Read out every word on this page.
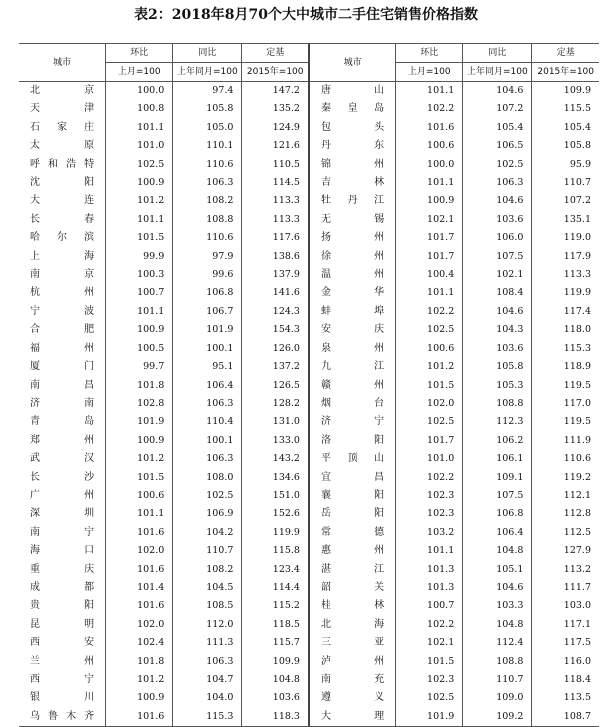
表2：2018年8月70个大中城市二手住宅销售价格指数
城市	环比	同比	定基	城市	环比	同比	定基
	上月=100	上年同月=100	2015年=100		上月=100	上年同月=100	2015年=100
北　京	100.0	97.4	147.2	唐　山	101.1	104.6	109.9
天　津	100.8	105.8	135.2	秦皇岛	102.2	107.2	115.5
石家庄	101.1	105.0	124.9	包　头	101.6	105.4	105.4
太　原	101.0	110.1	121.6	丹　东	100.6	106.5	105.8
呼和浩特	102.5	110.6	110.5	锦　州	100.0	102.5	95.9
沈　阳	100.9	106.3	114.5	吉　林	101.1	106.3	110.7
大　连	101.2	108.2	113.3	牡丹江	100.9	104.6	107.2
长　春	101.1	108.8	113.3	无　锡	102.1	103.6	135.1
哈尔滨	101.5	110.6	117.6	扬　州	101.7	106.0	119.0
上　海	99.9	97.9	138.6	徐　州	101.7	107.5	117.9
南　京	100.3	99.6	137.9	温　州	100.4	102.1	113.3
杭　州	100.7	106.8	141.6	金　华	101.1	108.4	119.9
宁　波	101.1	106.7	124.3	蚌　埠	102.2	104.6	117.4
合　肥	100.9	101.9	154.3	安　庆	102.5	104.3	118.0
福　州	100.5	100.1	126.0	泉　州	100.6	103.6	115.3
厦　门	99.7	95.1	137.2	九　江	101.2	105.8	118.9
南　昌	101.8	106.4	126.5	赣　州	101.5	105.3	119.5
济　南	102.8	106.3	128.2	烟　台	102.0	108.8	117.0
青　岛	101.9	110.4	131.0	济　宁	102.5	112.3	119.5
郑　州	100.9	100.1	133.0	洛　阳	101.7	106.2	111.9
武　汉	101.2	106.3	143.2	平顶山	101.0	106.1	110.6
长　沙	101.5	108.0	134.6	宜　昌	102.2	109.1	119.2
广　州	100.6	102.5	151.0	襄　阳	102.3	107.5	112.1
深　圳	101.1	106.9	152.6	岳　阳	102.3	106.8	112.8
南　宁	101.6	104.2	119.9	常　德	103.2	106.4	112.5
海　口	102.0	110.7	115.8	惠　州	101.1	104.8	127.9
重　庆	101.6	108.2	123.4	湛　江	101.3	105.1	113.2
成　都	101.4	104.5	114.4	韶　关	101.3	104.6	111.7
贵　阳	101.6	108.5	115.2	桂　林	100.7	103.3	103.0
昆　明	102.0	112.0	118.5	北　海	102.2	104.8	117.1
西　安	102.4	111.3	115.7	三　亚	102.1	112.4	117.5
兰　州	101.8	106.3	109.9	泸　州	101.5	108.8	116.0
西　宁	101.2	104.7	104.8	南　充	102.3	110.7	118.4
银　川	100.9	104.0	103.6	遵　义	102.5	109.0	113.5
乌鲁木齐	101.6	115.3	118.3	大　理	101.9	109.2	108.7
